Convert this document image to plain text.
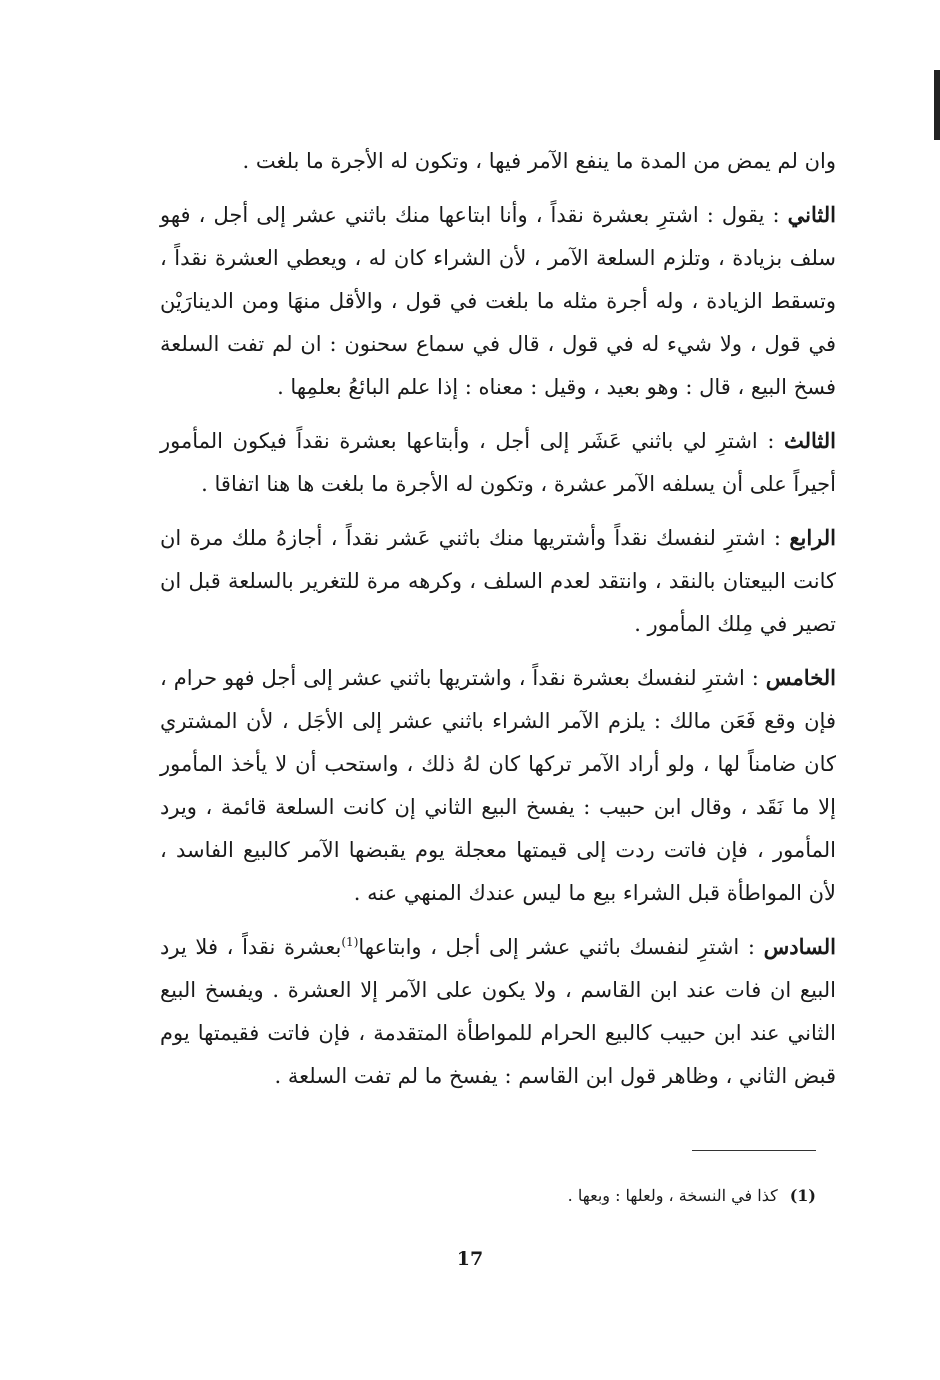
وان لم يمض من المدة ما ينفع الآمر فيها ، وتكون له الأجرة ما بلغت .

الثاني : يقول : اشترِ بعشرة نقداً ، وأنا ابتاعها منك باثني عشر إلى أجل ، فهو سلف بزيادة ، وتلزم السلعة الآمر ، لأن الشراء كان له ، ويعطي العشرة نقداً ، وتسقط الزيادة ، وله أجرة مثله ما بلغت في قول ، والأقل منهَا ومن الدينارَيْن في قول ، ولا شيء له في قول ، قال في سماع سحنون : ان لم تفت السلعة فسخ البيع ، قال : وهو بعيد ، وقيل : معناه : إذا علم البائعُ بعلمِها .

الثالث : اشترِ لي باثني عَشَر إلى أجل ، وأبتاعها بعشرة نقداً فيكون المأمور أجيراً على أن يسلفه الآمر عشرة ، وتكون له الأجرة ما بلغت ها هنا اتفاقا .

الرابع : اشترِ لنفسك نقداً وأشتريها منك باثني عَشر نقداً ، أجازهُ ملك مرة ان كانت البيعتان بالنقد ، وانتقد لعدم السلف ، وكرهه مرة للتغرير بالسلعة قبل ان تصير في مِلك المأمور .

الخامس : اشترِ لنفسك بعشرة نقداً ، واشتريها باثني عشر إلى أجل فهو حرام ، فإن وقع فَعَن مالك : يلزم الآمر الشراء باثني عشر إلى الأجَل ، لأن المشتري كان ضامناً لها ، ولو أراد الآمر تركها كان لهُ ذلك ، واستحب أن لا يأخذ المأمور إلا ما نَقَد ، وقال ابن حبيب : يفسخ البيع الثاني إن كانت السلعة قائمة ، ويرد المأمور ، فإن فاتت ردت إلى قيمتها معجلة يوم يقبضها الآمر كالبيع الفاسد ، لأن المواطأة قبل الشراء بيع ما ليس عندك المنهي عنه .

السادس : اشترِ لنفسك باثني عشر إلى أجل ، وابتاعها$^{(1)}$بعشرة نقداً ، فلا يرد البيع ان فات عند ابن القاسم ، ولا يكون على الآمر إلا العشرة . ويفسخ البيع الثاني عند ابن حبيب كالبيع الحرام للمواطأة المتقدمة ، فإن فاتت فقيمتها يوم قبض الثاني ، وظاهر قول ابن القاسم : يفسخ ما لم تفت السلعة .

(1)كذا في النسخة ، ولعلها : وبعها .
17
